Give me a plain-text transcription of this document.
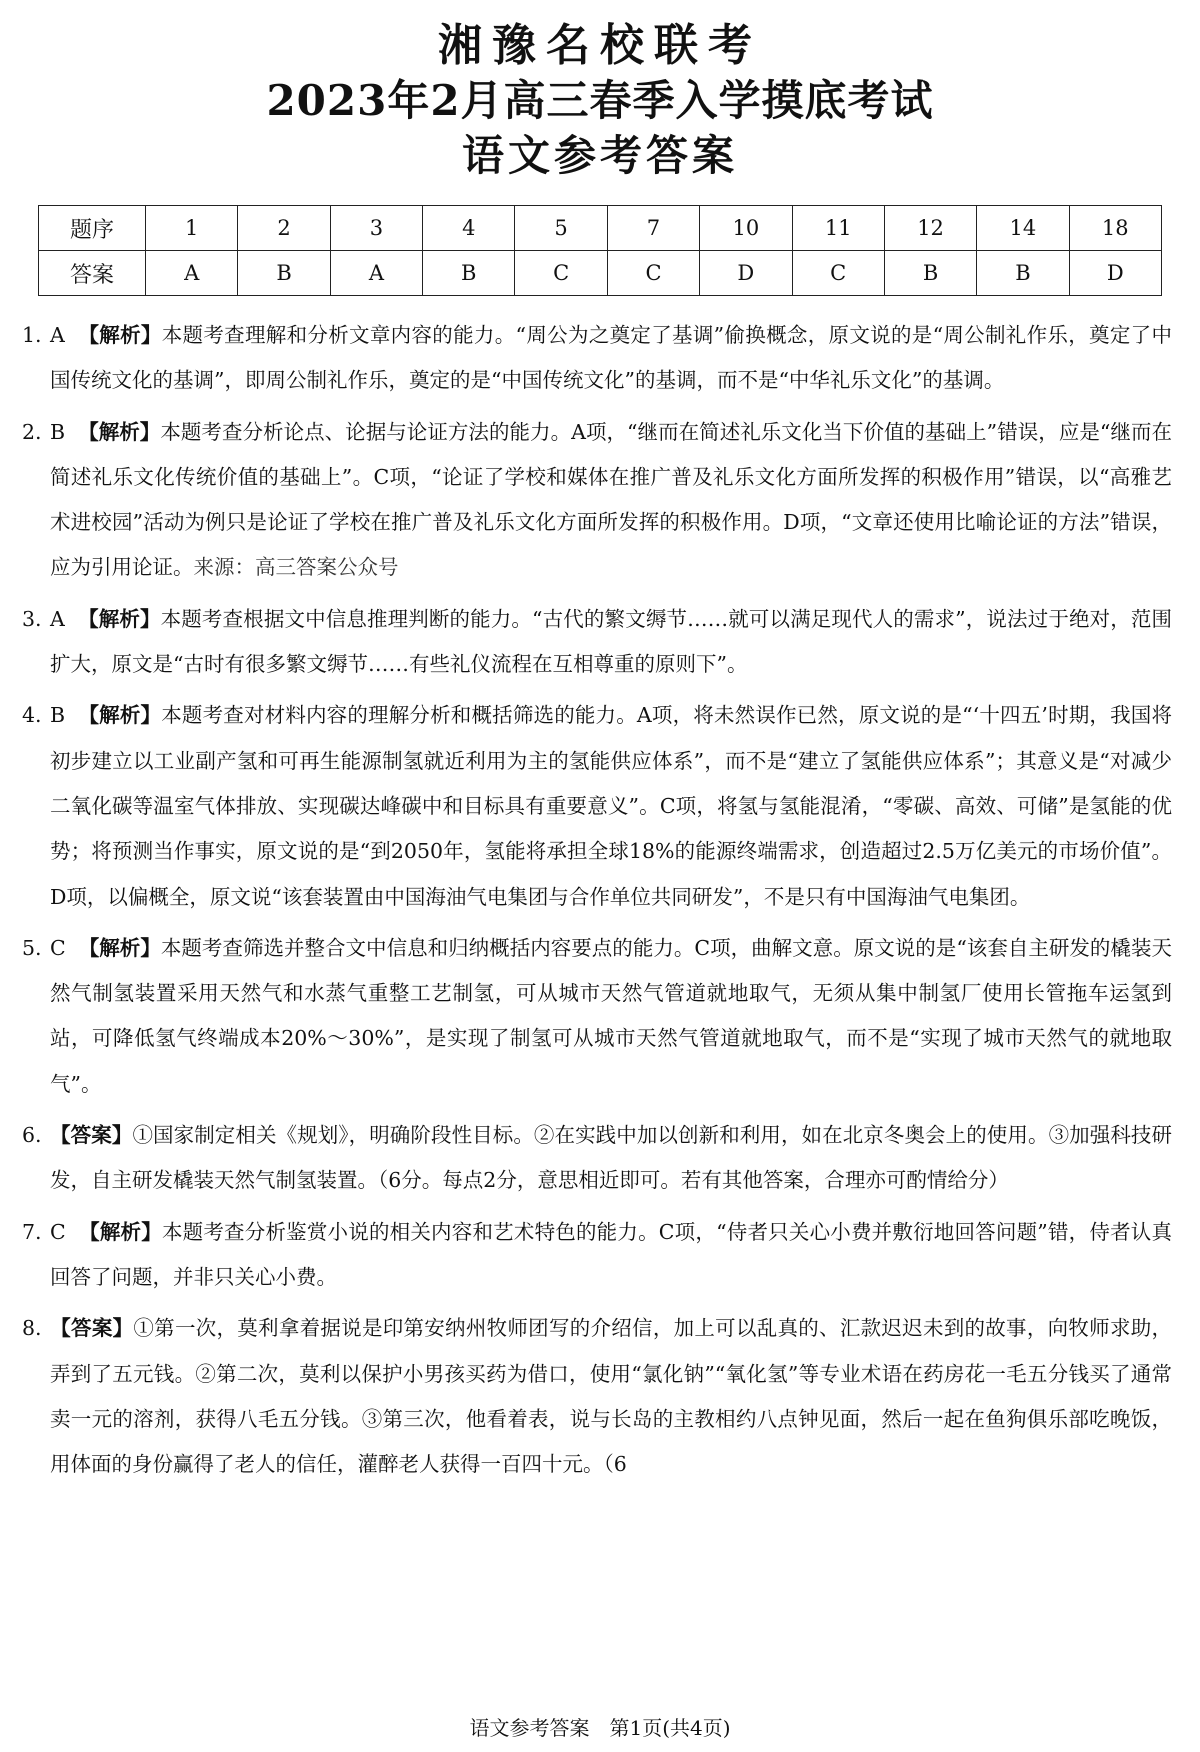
湘豫名校联考
2023年2月高三春季入学摸底考试
语文参考答案
题序	1	2	3	4	5	7	10	11	12	14	18
答案	A	B	A	B	C	C	D	C	B	B	D

1. A 【解析】本题考查理解和分析文章内容的能力。“周公为之奠定了基调”偷换概念，原文说的是“周公制礼作乐，奠定了中国传统文化的基调”，即周公制礼作乐，奠定的是“中国传统文化”的基调，而不是“中华礼乐文化”的基调。

2. B 【解析】本题考查分析论点、论据与论证方法的能力。A项，“继而在简述礼乐文化当下价值的基础上”错误，应是“继而在简述礼乐文化传统价值的基础上”。C项，“论证了学校和媒体在推广普及礼乐文化方面所发挥的积极作用”错误，以“高雅艺术进校园”活动为例只是论证了学校在推广普及礼乐文化方面所发挥的积极作用。D项，“文章还使用比喻论证的方法”错误，应为引用论证。来源：高三答案公众号

3. A 【解析】本题考查根据文中信息推理判断的能力。“古代的繁文缛节……就可以满足现代人的需求”，说法过于绝对，范围扩大，原文是“古时有很多繁文缛节……有些礼仪流程在互相尊重的原则下”。

4. B 【解析】本题考查对材料内容的理解分析和概括筛选的能力。A项，将未然误作已然，原文说的是“‘十四五’时期，我国将初步建立以工业副产氢和可再生能源制氢就近利用为主的氢能供应体系”，而不是“建立了氢能供应体系”；其意义是“对减少二氧化碳等温室气体排放、实现碳达峰碳中和目标具有重要意义”。C项，将氢与氢能混淆，“零碳、高效、可储”是氢能的优势；将预测当作事实，原文说的是“到2050年，氢能将承担全球18%的能源终端需求，创造超过2.5万亿美元的市场价值”。D项，以偏概全，原文说“该套装置由中国海油气电集团与合作单位共同研发”，不是只有中国海油气电集团。

5. C 【解析】本题考查筛选并整合文中信息和归纳概括内容要点的能力。C项，曲解文意。原文说的是“该套自主研发的橇装天然气制氢装置采用天然气和水蒸气重整工艺制氢，可从城市天然气管道就地取气，无须从集中制氢厂使用长管拖车运氢到站，可降低氢气终端成本20%～30%”，是实现了制氢可从城市天然气管道就地取气，而不是“实现了城市天然气的就地取气”。

6. 【答案】①国家制定相关《规划》，明确阶段性目标。②在实践中加以创新和利用，如在北京冬奥会上的使用。③加强科技研发，自主研发橇装天然气制氢装置。（6分。每点2分，意思相近即可。若有其他答案，合理亦可酌情给分）

7. C 【解析】本题考查分析鉴赏小说的相关内容和艺术特色的能力。C项，“侍者只关心小费并敷衍地回答问题”错，侍者认真回答了问题，并非只关心小费。

8. 【答案】①第一次，莫利拿着据说是印第安纳州牧师团写的介绍信，加上可以乱真的、汇款迟迟未到的故事，向牧师求助，弄到了五元钱。②第二次，莫利以保护小男孩买药为借口，使用“氯化钠”“氧化氢”等专业术语在药房花一毛五分钱买了通常卖一元的溶剂，获得八毛五分钱。③第三次，他看着表，说与长岛的主教相约八点钟见面，然后一起在鱼狗俱乐部吃晚饭，用体面的身份赢得了老人的信任，灌醉老人获得一百四十元。（6

语文参考答案　第1页(共4页)
